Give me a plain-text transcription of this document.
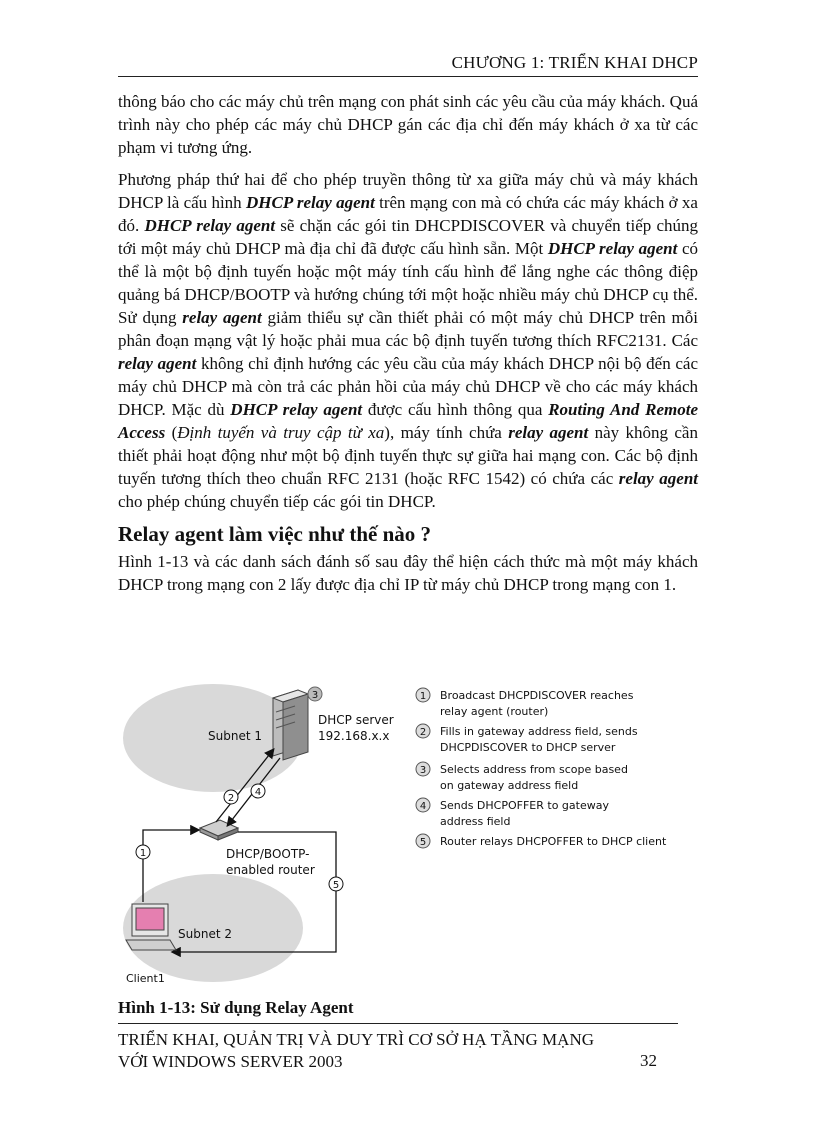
CHƯƠNG 1: TRIỂN KHAI DHCP

thông báo cho các máy chủ trên mạng con phát sinh các yêu cầu của máy khách. Quá trình này cho phép các máy chủ DHCP gán các địa chỉ đến máy khách ở xa từ các phạm vi tương ứng.

Phương pháp thứ hai để cho phép truyền thông từ xa giữa máy chủ và máy khách DHCP là cấu hình DHCP relay agent trên mạng con mà có chứa các máy khách ở xa đó. DHCP relay agent sẽ chặn các gói tin DHCPDISCOVER và chuyển tiếp chúng tới một máy chủ DHCP mà địa chỉ đã được cấu hình sẵn. Một DHCP relay agent có thể là một bộ định tuyến hoặc một máy tính cấu hình để lắng nghe các thông điệp quảng bá DHCP/BOOTP và hướng chúng tới một hoặc nhiều máy chủ DHCP cụ thể. Sử dụng relay agent giảm thiểu sự cần thiết phải có một máy chủ DHCP trên mỗi phân đoạn mạng vật lý hoặc phải mua các bộ định tuyến tương thích RFC2131. Các relay agent không chỉ định hướng các yêu cầu của máy khách DHCP nội bộ đến các máy chủ DHCP mà còn trả các phản hồi của máy chủ DHCP về cho các máy khách DHCP. Mặc dù DHCP relay agent được cấu hình thông qua Routing And Remote Access (Định tuyến và truy cập từ xa), máy tính chứa relay agent này không cần thiết phải hoạt động như một bộ định tuyến thực sự giữa hai mạng con. Các bộ định tuyến tương thích theo chuẩn RFC 2131 (hoặc RFC 1542) có chứa các relay agent cho phép chúng chuyển tiếp các gói tin DHCP.

Relay agent làm việc như thế nào ?

Hình 1-13 và các danh sách đánh số sau đây thể hiện cách thức mà một máy khách DHCP trong mạng con 2 lấy được địa chỉ IP từ máy chủ DHCP trong mạng con 1.

Subnet 1
Subnet 2
DHCP server
192.168.x.x
3
DHCP/BOOTP-
enabled router
2
4
1
5
Client1
1 Broadcast DHCPDISCOVER reaches
relay agent (router)
2 Fills in gateway address field, sends
DHCPDISCOVER to DHCP server
3 Selects address from scope based
on gateway address field
4 Sends DHCPOFFER to gateway
address field
5 Router relays DHCPOFFER to DHCP client
Hình 1-13: Sử dụng Relay Agent
TRIỂN KHAI, QUẢN TRỊ VÀ DUY TRÌ CƠ SỞ HẠ TẦNG MẠNG
VỚI WINDOWS SERVER 2003	32
